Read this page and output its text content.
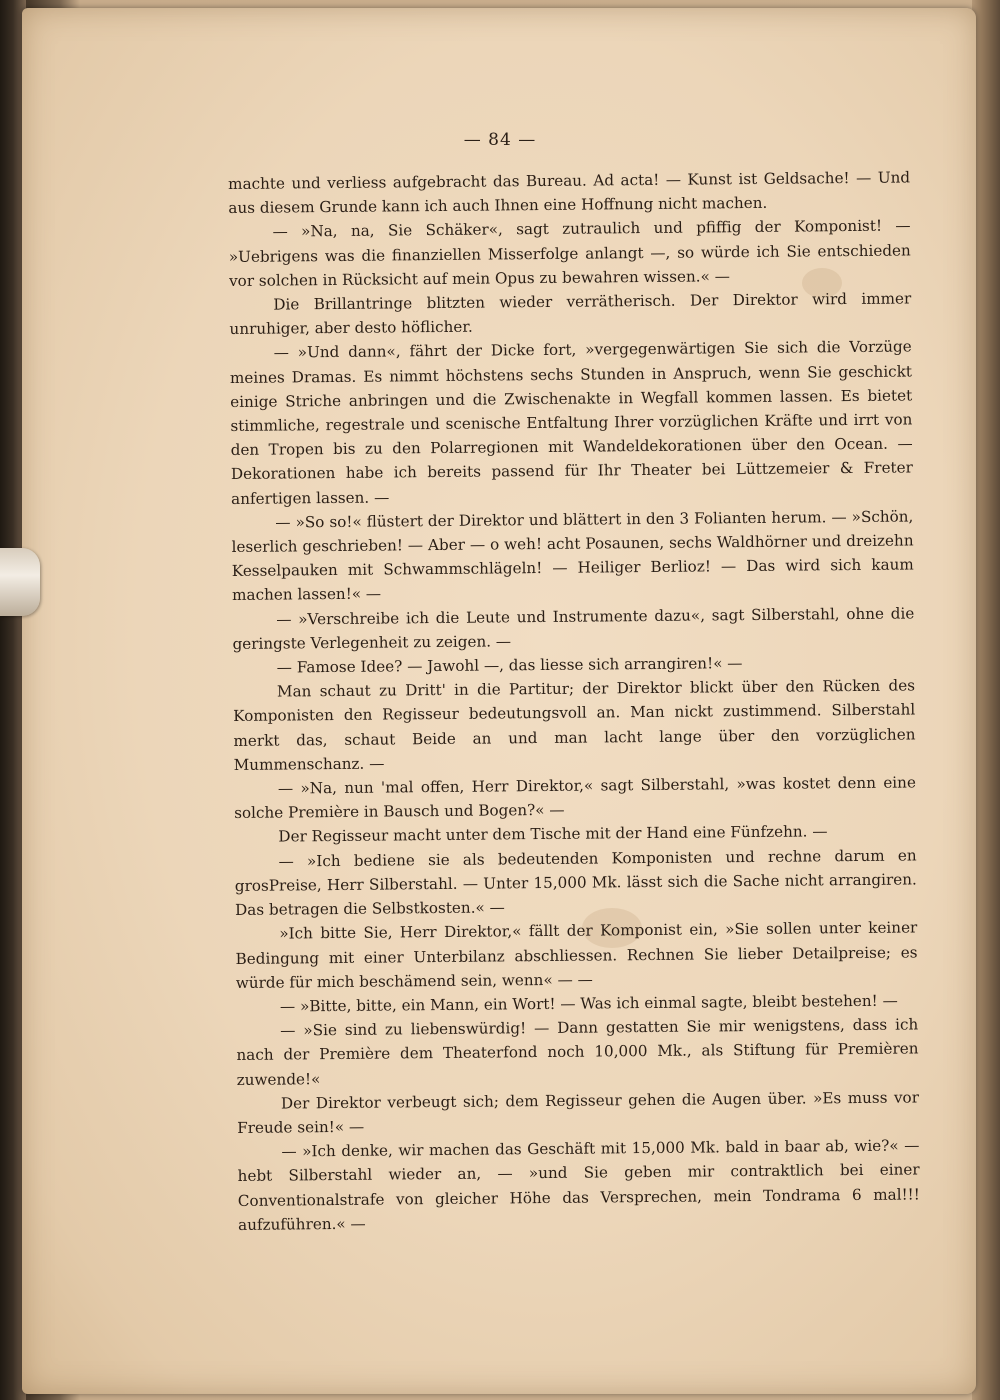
— 84 —

machte und verliess aufgebracht das Bureau. Ad acta! — Kunst ist Geldsache! — Und aus diesem Grunde kann ich auch Ihnen eine Hoffnung nicht machen.

— »Na, na, Sie Schäker«, sagt zutraulich und pfiffig der Komponist! — »Uebrigens was die finanziellen Misserfolge anlangt —, so würde ich Sie entschieden vor solchen in Rücksicht auf mein Opus zu bewahren wissen.« —

Die Brillantringe blitzten wieder verrätherisch. Der Direktor wird immer unruhiger, aber desto höflicher.

— »Und dann«, fährt der Dicke fort, »vergegenwärtigen Sie sich die Vorzüge meines Dramas. Es nimmt höchstens sechs Stunden in Anspruch, wenn Sie geschickt einige Striche anbringen und die Zwischenakte in Wegfall kommen lassen. Es bietet stimmliche, regestrale und scenische Entfaltung Ihrer vorzüglichen Kräfte und irrt von den Tropen bis zu den Polarregionen mit Wandeldekorationen über den Ocean. — Dekorationen habe ich bereits passend für Ihr Theater bei Lüttzemeier & Freter anfertigen lassen. —

— »So so!« flüstert der Direktor und blättert in den 3 Folianten herum. — »Schön, leserlich geschrieben! — Aber — o weh! acht Posaunen, sechs Waldhörner und dreizehn Kesselpauken mit Schwammschlägeln! — Heiliger Berlioz! — Das wird sich kaum machen lassen!« —

— »Verschreibe ich die Leute und Instrumente dazu«, sagt Silberstahl, ohne die geringste Verlegenheit zu zeigen. —

— Famose Idee? — Jawohl —, das liesse sich arrangiren!« —

Man schaut zu Dritt' in die Partitur; der Direktor blickt über den Rücken des Komponisten den Regisseur bedeutungsvoll an. Man nickt zustimmend. Silberstahl merkt das, schaut Beide an und man lacht lange über den vorzüglichen Mummenschanz. —

— »Na, nun 'mal offen, Herr Direktor,« sagt Silberstahl, »was kostet denn eine solche Première in Bausch und Bogen?« —

Der Regisseur macht unter dem Tische mit der Hand eine Fünfzehn. —

— »Ich bediene sie als bedeutenden Komponisten und rechne darum en grosPreise, Herr Silberstahl. — Unter 15,000 Mk. lässt sich die Sache nicht arrangiren. Das betragen die Selbstkosten.« —

»Ich bitte Sie, Herr Direktor,« fällt der Komponist ein, »Sie sollen unter keiner Bedingung mit einer Unterbilanz abschliessen. Rechnen Sie lieber Detailpreise; es würde für mich beschämend sein, wenn« — —

— »Bitte, bitte, ein Mann, ein Wort! — Was ich einmal sagte, bleibt bestehen! —

— »Sie sind zu liebenswürdig! — Dann gestatten Sie mir wenigstens, dass ich nach der Première dem Theaterfond noch 10,000 Mk., als Stiftung für Premièren zuwende!«

Der Direktor verbeugt sich; dem Regisseur gehen die Augen über. »Es muss vor Freude sein!« —

— »Ich denke, wir machen das Geschäft mit 15,000 Mk. bald in baar ab, wie?« — hebt Silberstahl wieder an, — »und Sie geben mir contraktlich bei einer Conventionalstrafe von gleicher Höhe das Versprechen, mein Tondrama 6 mal!!! aufzuführen.« —
